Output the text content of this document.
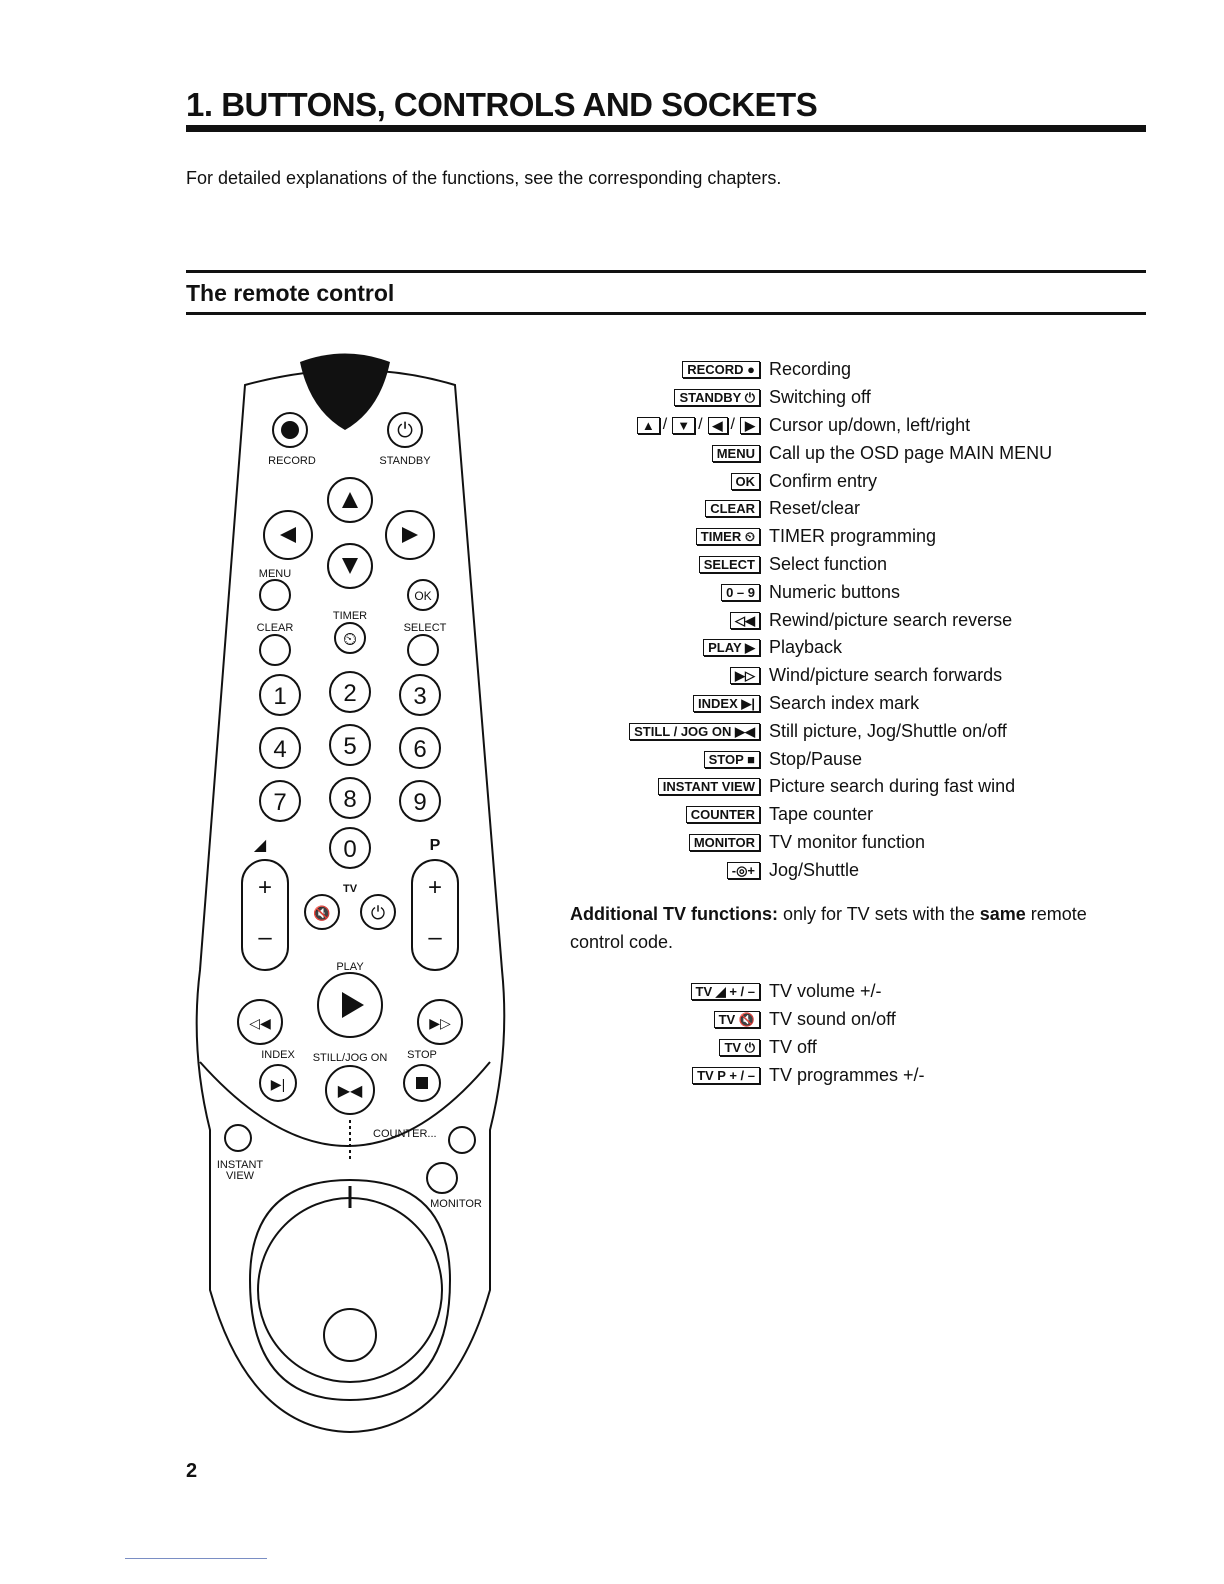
1. BUTTONS, CONTROLS AND SOCKETS
For detailed explanations of the functions, see the corresponding chapters.
The remote control
⏻
⏲
◁◀	▶▷
▶|	▶◀
🔇 ⏻
+
–
+
–
◢
1 2 3
4 5 6
7 8 9
0
RECORD	STANDBY
MENU
OK
CLEAR
TIMER
SELECT
TV
P
PLAY
INDEX STILL/JOG ON STOP
COUNTER...
INSTANT
VIEW
MONITOR
RECORD ● Recording
STANDBY ⏻ Switching off
▲ / ▼ / ◀ / ▶ Cursor up/down, left/right
MENU Call up the OSD page MAIN MENU
OK Confirm entry
CLEAR Reset/clear
TIMER ⏲ TIMER programming
SELECT Select function
0 – 9 Numeric buttons
◁◀ Rewind/picture search reverse
PLAY ▶ Playback
▶▷ Wind/picture search forwards
INDEX ▶| Search index mark
STILL / JOG ON ▶◀ Still picture, Jog/Shuttle on/off
STOP ■ Stop/Pause
INSTANT VIEW Picture search during fast wind
COUNTER Tape counter
MONITOR TV monitor function
-◎+ Jog/Shuttle
Additional TV functions: only for TV sets with the same remote control code.
TV ◢ + / – TV volume +/-
TV 🔇 TV sound on/off
TV ⏻ TV off
TV P + / – TV programmes +/-
2
